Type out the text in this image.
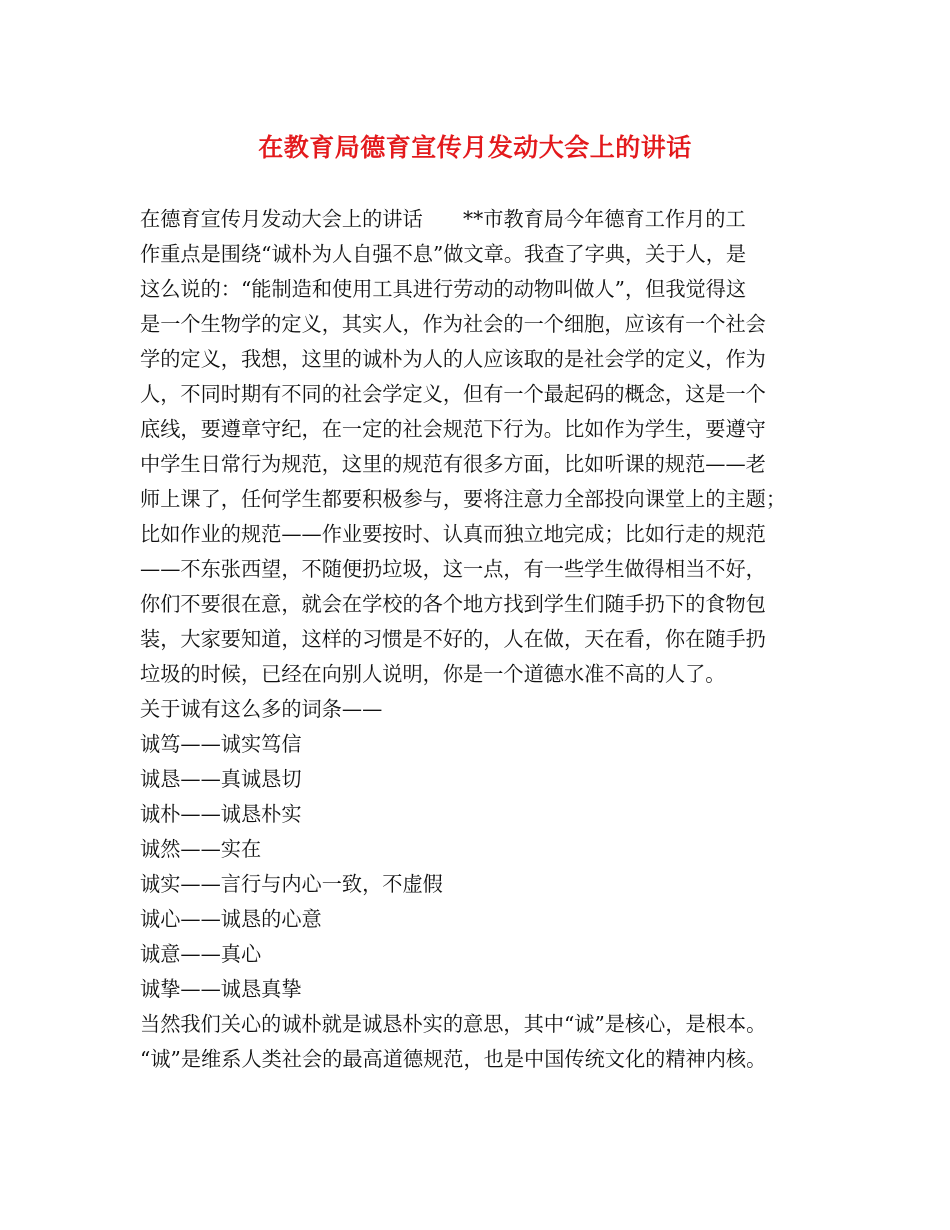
在教育局德育宣传月发动大会上的讲话
在德育宣传月发动大会上的讲话　　**市教育局今年德育工作月的工
作重点是围绕“诚朴为人自强不息”做文章。我查了字典，关于人，是
这么说的：“能制造和使用工具进行劳动的动物叫做人”，但我觉得这
是一个生物学的定义，其实人，作为社会的一个细胞，应该有一个社会
学的定义，我想，这里的诚朴为人的人应该取的是社会学的定义，作为
人，不同时期有不同的社会学定义，但有一个最起码的概念，这是一个
底线，要遵章守纪，在一定的社会规范下行为。比如作为学生，要遵守
中学生日常行为规范，这里的规范有很多方面，比如听课的规范——老
师上课了，任何学生都要积极参与，要将注意力全部投向课堂上的主题；
比如作业的规范——作业要按时、认真而独立地完成；比如行走的规范
——不东张西望，不随便扔垃圾，这一点，有一些学生做得相当不好，
你们不要很在意，就会在学校的各个地方找到学生们随手扔下的食物包
装，大家要知道，这样的习惯是不好的，人在做，天在看，你在随手扔
垃圾的时候，已经在向别人说明，你是一个道德水准不高的人了。
关于诚有这么多的词条——
诚笃——诚实笃信
诚恳——真诚恳切
诚朴——诚恳朴实
诚然——实在
诚实——言行与内心一致，不虚假
诚心——诚恳的心意
诚意——真心
诚挚——诚恳真挚
当然我们关心的诚朴就是诚恳朴实的意思，其中“诚”是核心，是根本。
“诚”是维系人类社会的最高道德规范，也是中国传统文化的精神内核。
